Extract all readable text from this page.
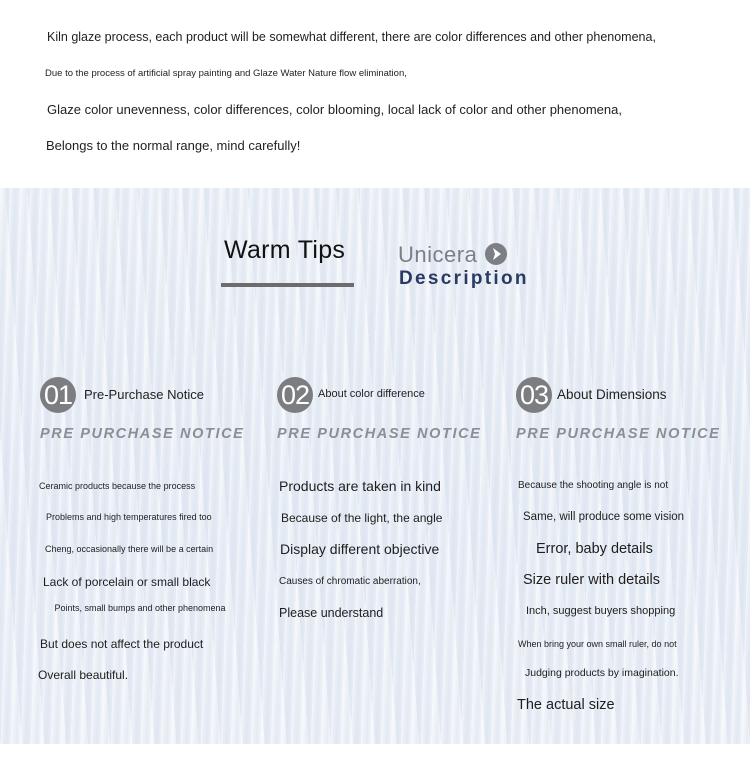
Kiln glaze process, each product will be somewhat different, there are color differences and other phenomena,

Due to the process of artificial spray painting and Glaze Water Nature flow elimination,

Glaze color unevenness, color differences, color blooming, local lack of color and other phenomena,

Belongs to the normal range, mind carefully!

Warm Tips Unicera
Description
01 Pre-Purchase Notice
PRE PURCHASE NOTICE
Ceramic products because the process
Problems and high temperatures fired too
Cheng, occasionally there will be a certain
Lack of porcelain or small black
Points, small bumps and other phenomena
But does not affect the product
Overall beautiful.
02 About color difference
PRE PURCHASE NOTICE
Products are taken in kind
Because of the light, the angle
Display different objective
Causes of chromatic aberration,
Please understand
03 About Dimensions
PRE PURCHASE NOTICE
Because the shooting angle is not
Same, will produce some vision
Error, baby details
Size ruler with details
Inch, suggest buyers shopping
When bring your own small ruler, do not
Judging products by imagination.
The actual size
